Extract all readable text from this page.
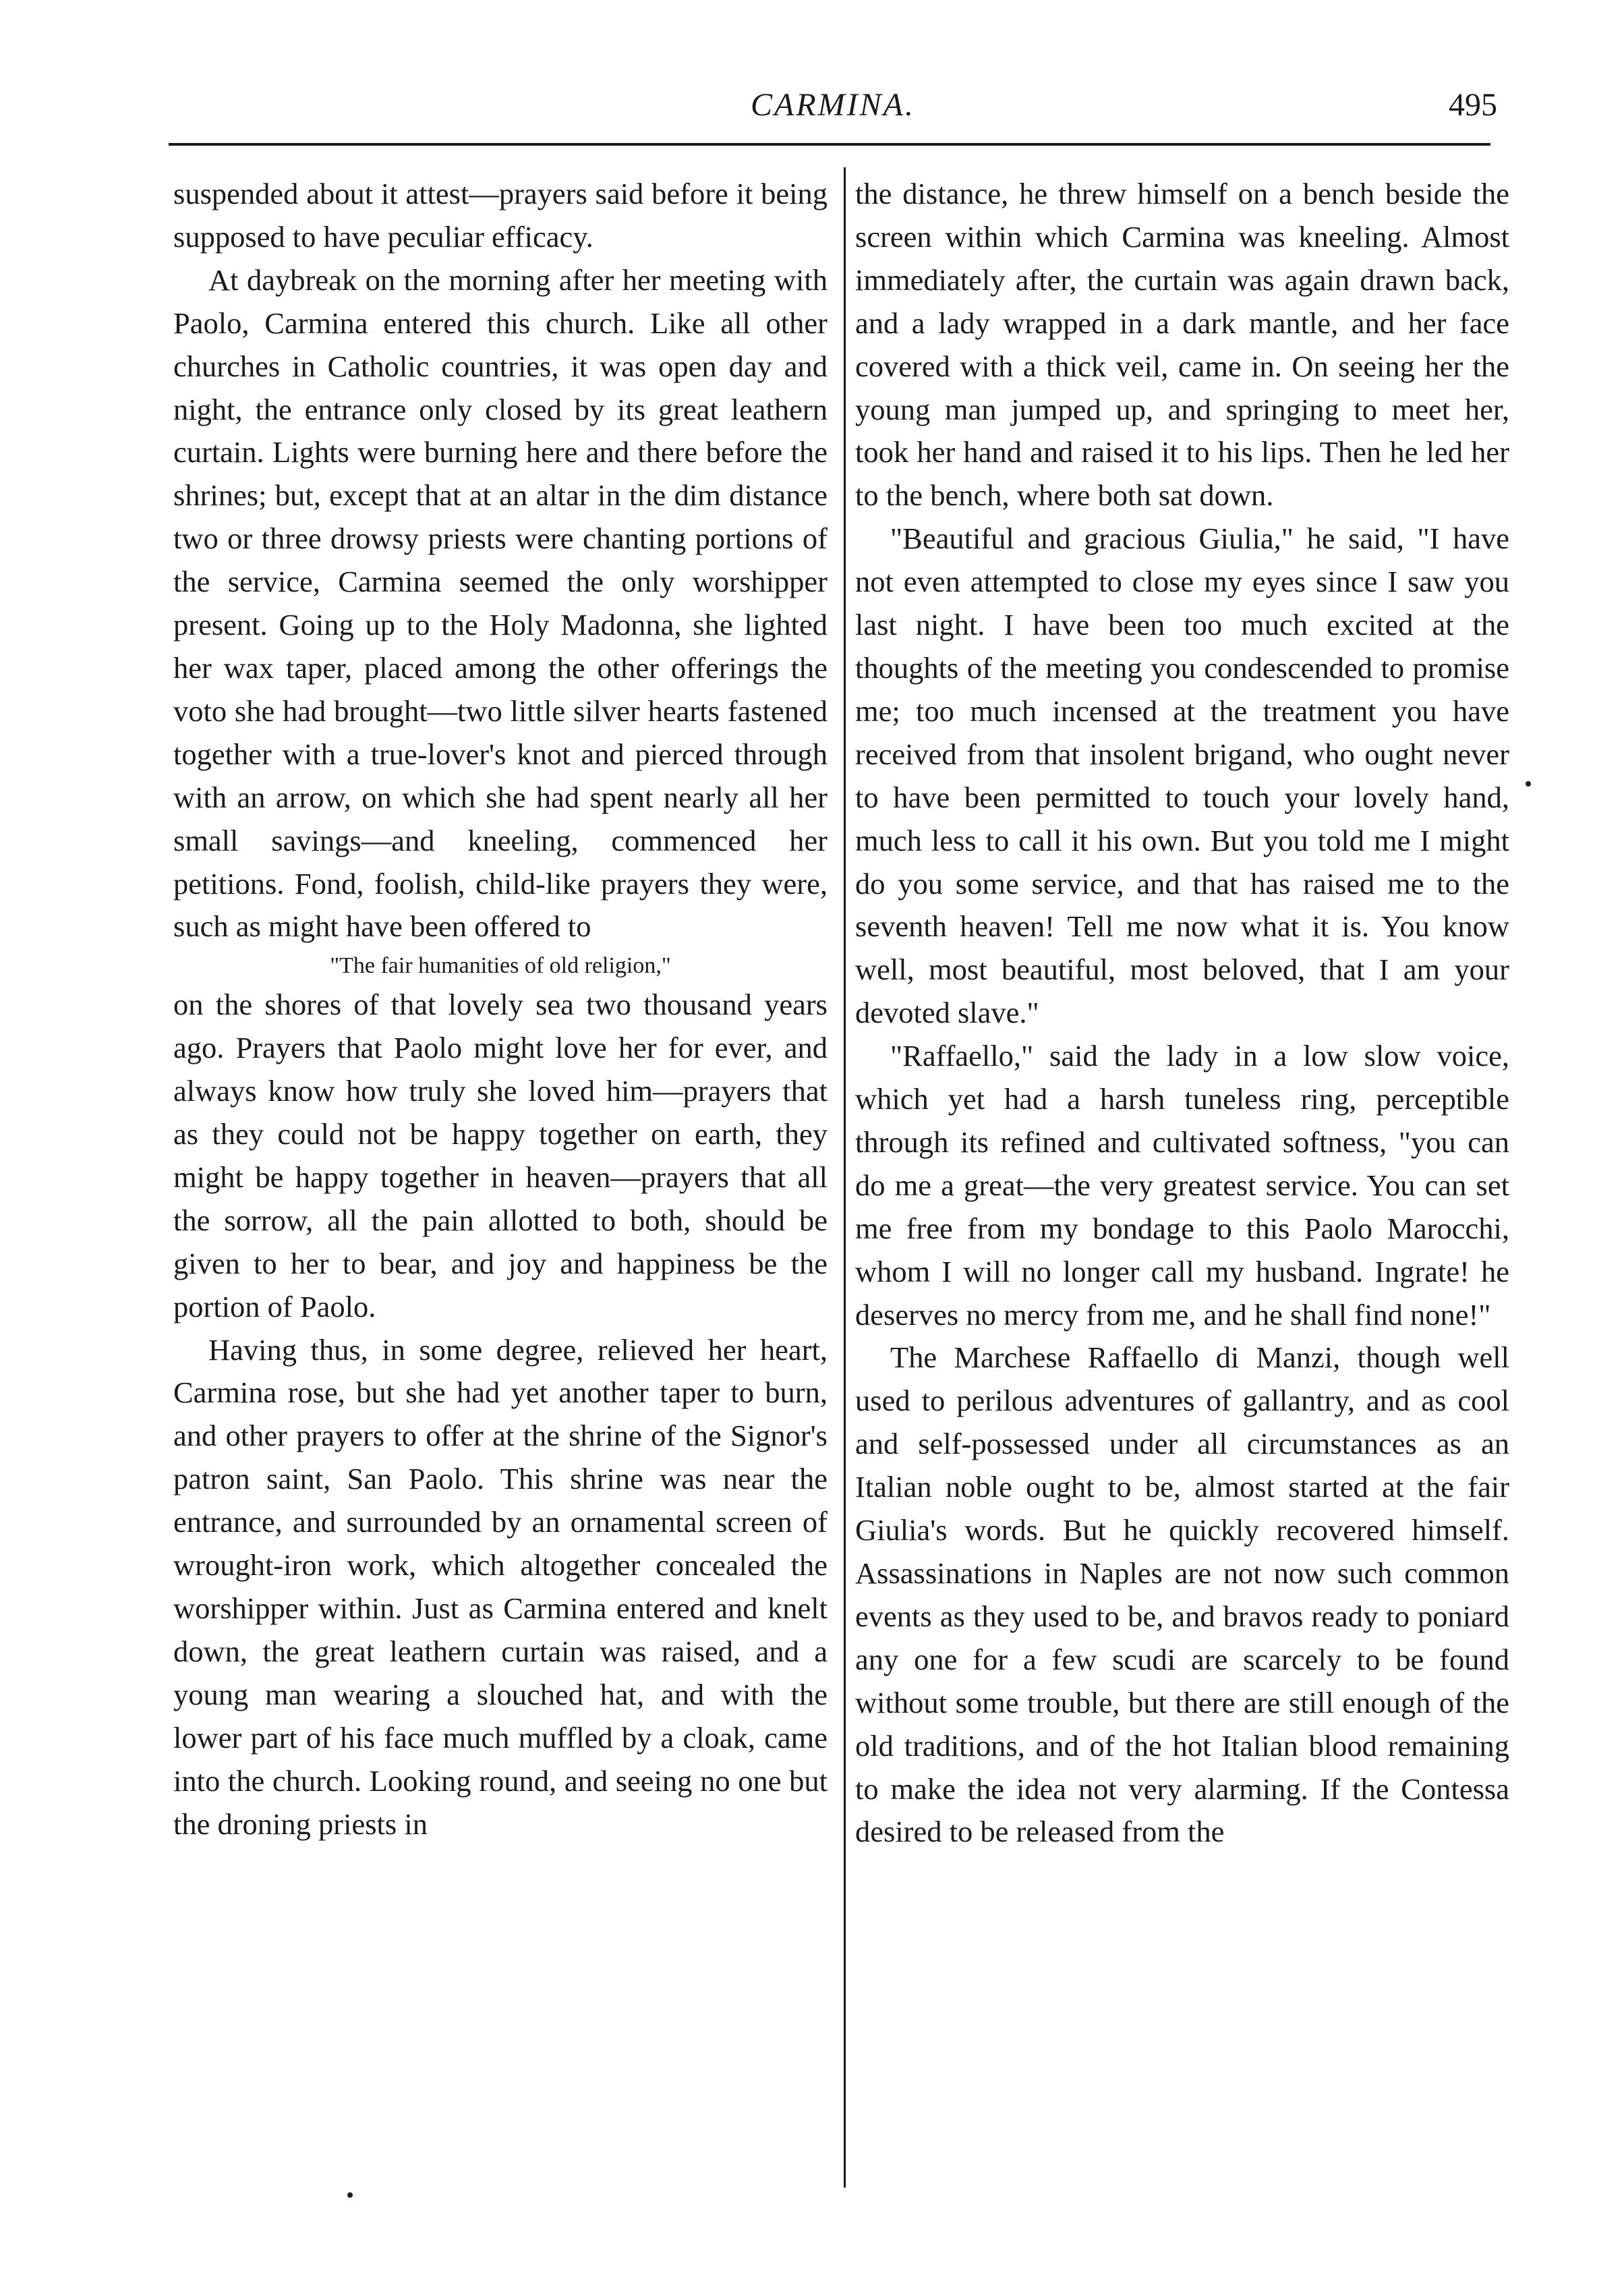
CARMINA.	495

suspended about it attest—prayers said before it being supposed to have peculiar efficacy.

At daybreak on the morning after her meeting with Paolo, Carmina entered this church. Like all other churches in Catholic countries, it was open day and night, the entrance only closed by its great leathern curtain. Lights were burning here and there before the shrines; but, except that at an altar in the dim distance two or three drowsy priests were chanting portions of the service, Carmina seemed the only worshipper present. Going up to the Holy Madonna, she lighted her wax taper, placed among the other offerings the voto she had brought—two little silver hearts fastened together with a true-lover's knot and pierced through with an arrow, on which she had spent nearly all her small savings—and kneeling, commenced her petitions. Fond, foolish, child-like prayers they were, such as might have been offered to

"The fair humanities of old religion,"

on the shores of that lovely sea two thousand years ago. Prayers that Paolo might love her for ever, and always know how truly she loved him—prayers that as they could not be happy together on earth, they might be happy together in heaven—prayers that all the sorrow, all the pain allotted to both, should be given to her to bear, and joy and happiness be the portion of Paolo.

Having thus, in some degree, relieved her heart, Carmina rose, but she had yet another taper to burn, and other prayers to offer at the shrine of the Signor's patron saint, San Paolo. This shrine was near the entrance, and surrounded by an ornamental screen of wrought-iron work, which altogether concealed the worshipper within. Just as Carmina entered and knelt down, the great leathern curtain was raised, and a young man wearing a slouched hat, and with the lower part of his face much muffled by a cloak, came into the church. Looking round, and seeing no one but the droning priests in

the distance, he threw himself on a bench beside the screen within which Carmina was kneeling. Almost immediately after, the curtain was again drawn back, and a lady wrapped in a dark mantle, and her face covered with a thick veil, came in. On seeing her the young man jumped up, and springing to meet her, took her hand and raised it to his lips. Then he led her to the bench, where both sat down.

"Beautiful and gracious Giulia," he said, "I have not even attempted to close my eyes since I saw you last night. I have been too much excited at the thoughts of the meeting you condescended to promise me; too much incensed at the treatment you have received from that insolent brigand, who ought never to have been permitted to touch your lovely hand, much less to call it his own. But you told me I might do you some service, and that has raised me to the seventh heaven! Tell me now what it is. You know well, most beautiful, most beloved, that I am your devoted slave."

"Raffaello," said the lady in a low slow voice, which yet had a harsh tuneless ring, perceptible through its refined and cultivated softness, "you can do me a great—the very greatest service. You can set me free from my bondage to this Paolo Marocchi, whom I will no longer call my husband. Ingrate! he deserves no mercy from me, and he shall find none!"

The Marchese Raffaello di Manzi, though well used to perilous adventures of gallantry, and as cool and self-possessed under all circumstances as an Italian noble ought to be, almost started at the fair Giulia's words. But he quickly recovered himself. Assassinations in Naples are not now such common events as they used to be, and bravos ready to poniard any one for a few scudi are scarcely to be found without some trouble, but there are still enough of the old traditions, and of the hot Italian blood remaining to make the idea not very alarming. If the Contessa desired to be released from the
